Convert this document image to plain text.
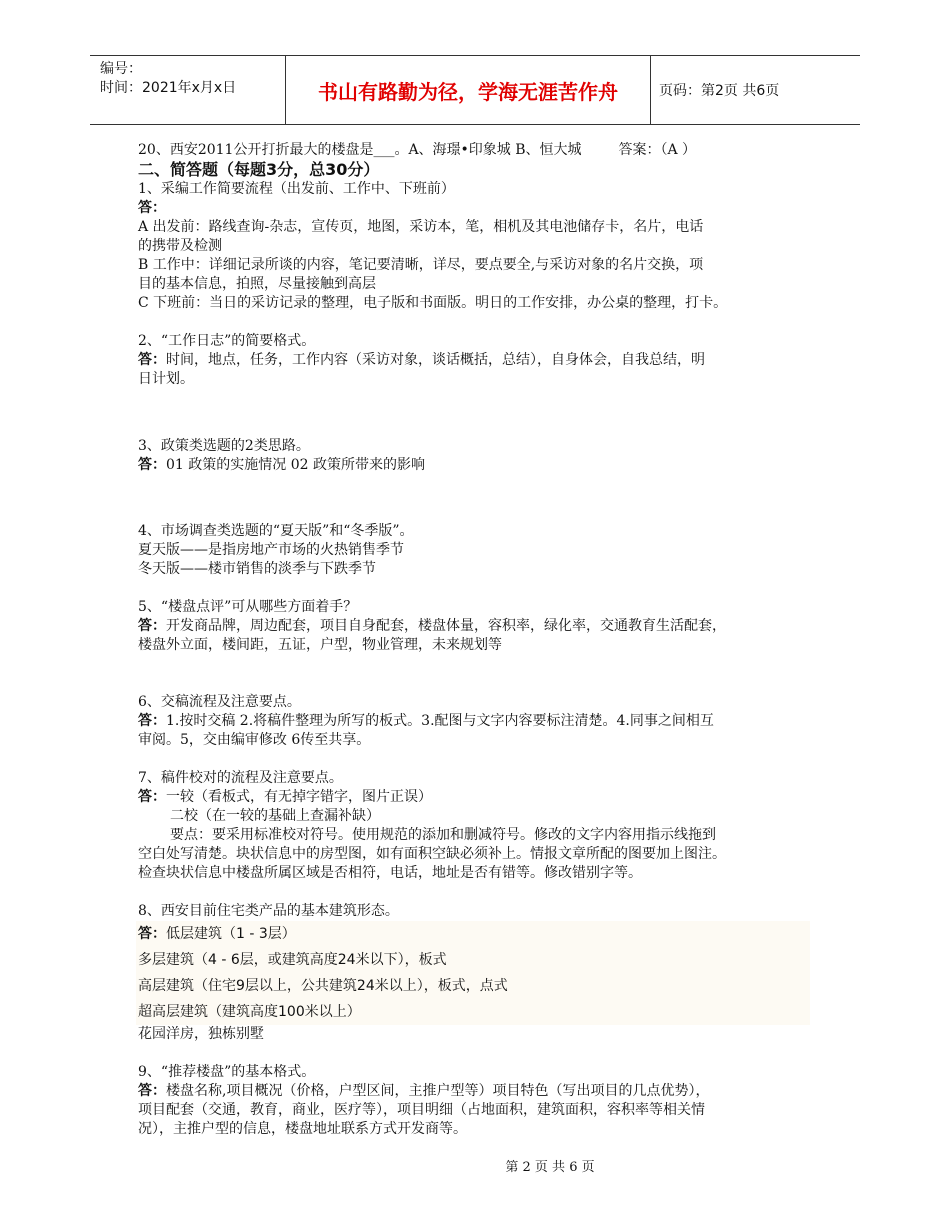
编号：
时间：2021年x月x日	书山有路勤为径，学海无涯苦作舟	页码：第2页 共6页
20、西安2011公开打折最大的楼盘是___。A、海璟•印象城 B、恒大城	答案：（A ）
二、简答题（每题3分，总30分）
1、采编工作简要流程（出发前、工作中、下班前）
答：
A 出发前：路线查询-杂志，宣传页，地图，采访本，笔，相机及其电池储存卡，名片，电话
的携带及检测
B 工作中：详细记录所谈的内容，笔记要清晰，详尽，要点要全,与采访对象的名片交换，项
目的基本信息，拍照，尽量接触到高层
C 下班前：当日的采访记录的整理，电子版和书面版。明日的工作安排，办公桌的整理，打卡。
2、“工作日志”的简要格式。
答：时间，地点，任务，工作内容（采访对象，谈话概括，总结），自身体会，自我总结，明
日计划。
3、政策类选题的2类思路。
答：01 政策的实施情况 02 政策所带来的影响
4、市场调查类选题的“夏天版”和“冬季版”。
夏天版——是指房地产市场的火热销售季节
冬天版——楼市销售的淡季与下跌季节
5、“楼盘点评”可从哪些方面着手？
答：开发商品牌，周边配套，项目自身配套，楼盘体量，容积率，绿化率，交通教育生活配套，
楼盘外立面，楼间距，五证，户型，物业管理，未来规划等
6、交稿流程及注意要点。
答：1.按时交稿 2.将稿件整理为所写的板式。3.配图与文字内容要标注清楚。4.同事之间相互
审阅。5，交由编审修改 6传至共享。
7、稿件校对的流程及注意要点。
答：一较（看板式，有无掉字错字，图片正误）
二校（在一较的基础上查漏补缺）
要点：要采用标准校对符号。使用规范的添加和删减符号。修改的文字内容用指示线拖到
空白处写清楚。块状信息中的房型图，如有面积空缺必须补上。情报文章所配的图要加上图注。
检查块状信息中楼盘所属区域是否相符，电话，地址是否有错等。修改错别字等。
8、西安目前住宅类产品的基本建筑形态。
答：低层建筑（1 - 3层）
多层建筑（4 - 6层，或建筑高度24米以下），板式
高层建筑（住宅9层以上，公共建筑24米以上），板式，点式
超高层建筑（建筑高度100米以上）
花园洋房，独栋别墅
9、“推荐楼盘”的基本格式。
答：楼盘名称,项目概况（价格，户型区间，主推户型等）项目特色（写出项目的几点优势），
项目配套（交通，教育，商业，医疗等），项目明细（占地面积，建筑面积，容积率等相关情
况），主推户型的信息，楼盘地址联系方式开发商等。
第 2 页 共 6 页
